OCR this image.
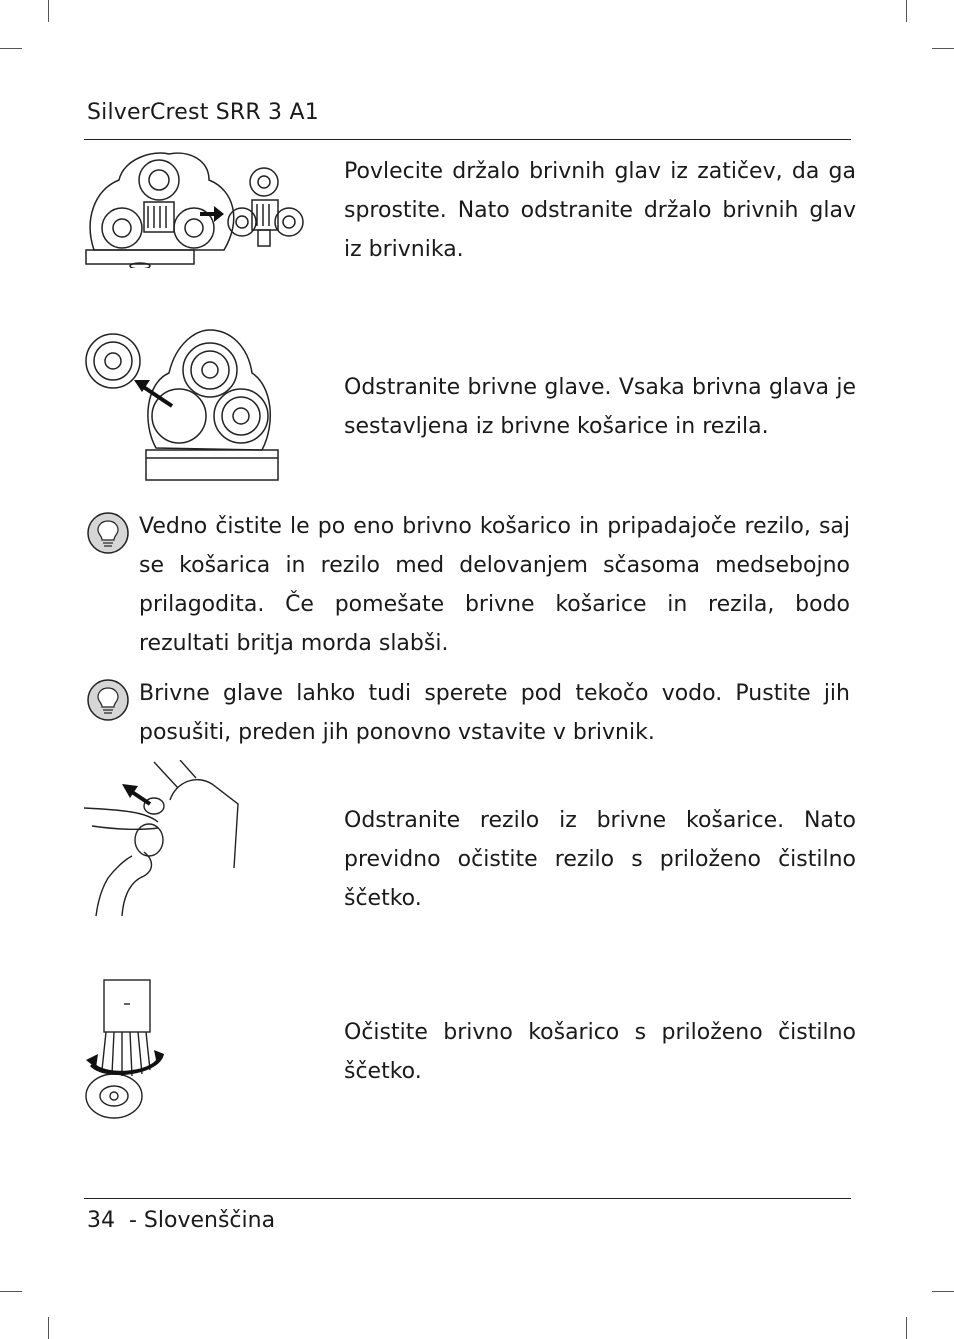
SilverCrest SRR 3 A1
Povlecite držalo brivnih glav iz zatičev, da ga sprostite. Nato odstranite držalo brivnih glav iz brivnika.
Odstranite brivne glave. Vsaka brivna glava je sestavljena iz brivne košarice in rezila.
Vedno čistite le po eno brivno košarico in pripadajoče rezilo, saj se košarica in rezilo med delovanjem sčasoma medsebojno prilagodita. Če pomešate brivne košarice in rezila, bodo rezultati britja morda slabši.
Brivne glave lahko tudi sperete pod tekočo vodo. Pustite jih posušiti, preden jih ponovno vstavite v brivnik.
Odstranite rezilo iz brivne košarice. Nato previdno očistite rezilo s priloženo čistilno ščetko.
Očistite brivno košarico s priloženo čistilno ščetko.
34 - Slovenščina
